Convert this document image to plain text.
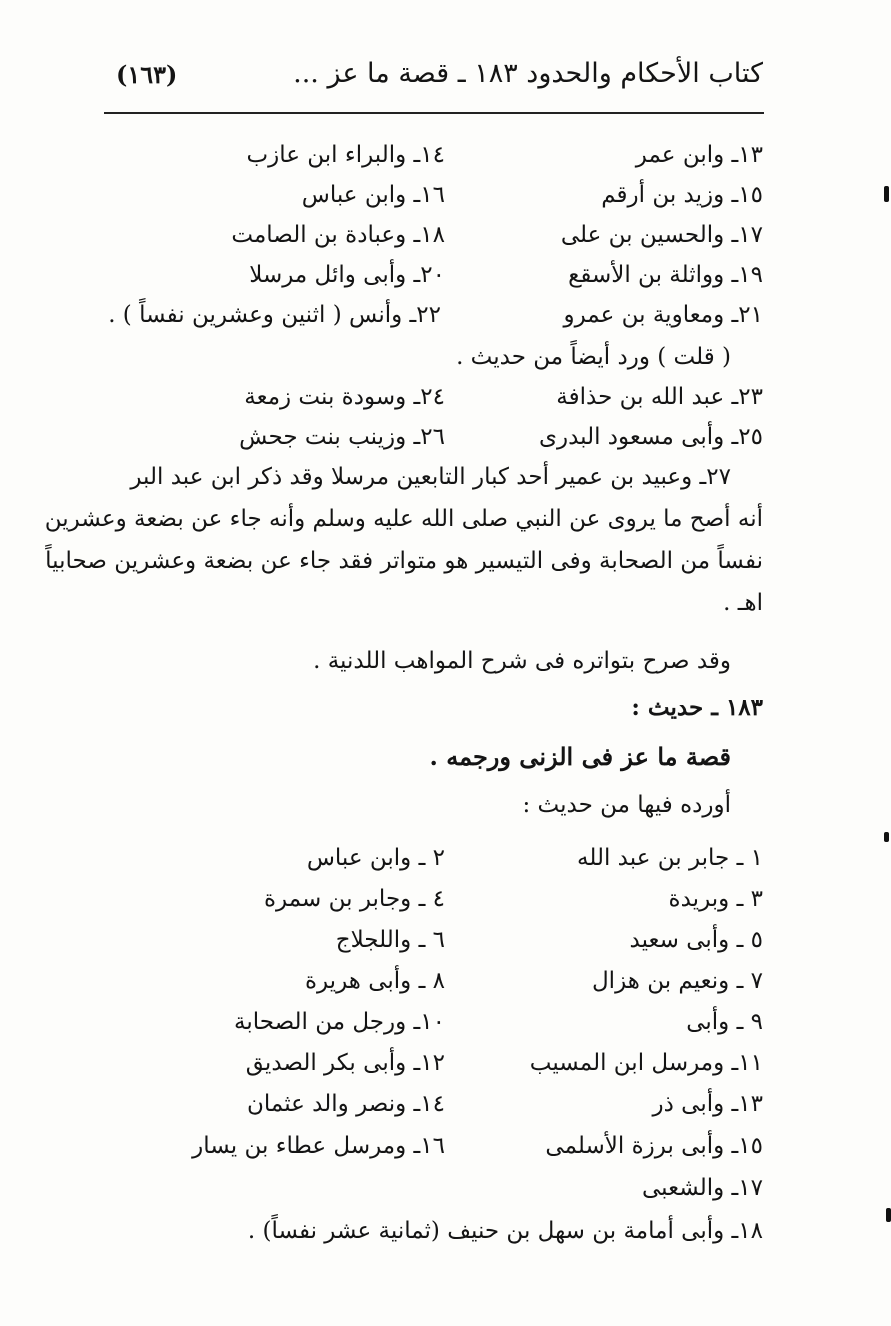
كتاب الأحكام والحدود ١٨٣ ـ قصة ما عز ...
(١٦٣)
١٣ـ وابن عمر
١٤ـ والبراء ابن عازب
١٥ـ وزيد بن أرقم
١٦ـ وابن عباس
١٧ـ والحسين بن على
١٨ـ وعبادة بن الصامت
١٩ـ وواثلة بن الأسقع
٢٠ـ وأبى وائل مرسلا
٢١ـ ومعاوية بن عمرو
٢٢ـ وأنس ( اثنين وعشرين نفساً ) .
( قلت ) ورد أيضاً من حديث .
٢٣ـ عبد الله بن حذافة
٢٤ـ وسودة بنت زمعة
٢٥ـ وأبى مسعود البدرى
٢٦ـ وزينب بنت جحش
٢٧ـ وعبيد بن عمير أحد كبار التابعين مرسلا وقد ذكر ابن عبد البر
أنه أصح ما يروى عن النبي صلى الله عليه وسلم وأنه جاء عن بضعة وعشرين
نفساً من الصحابة وفى التيسير هو متواتر فقد جاء عن بضعة وعشرين صحابياً
اهـ .
وقد صرح بتواتره فى شرح المواهب اللدنية .
١٨٣ ـ حديث :
قصة ما عز فى الزنى ورجمه .
أورده فيها من حديث :
١ ـ جابر بن عبد الله
٢ ـ وابن عباس
٣ ـ وبريدة
٤ ـ وجابر بن سمرة
٥ ـ وأبى سعيد
٦ ـ واللجلاج
٧ ـ ونعيم بن هزال
٨ ـ وأبى هريرة
٩ ـ وأبى
١٠ـ ورجل من الصحابة
١١ـ ومرسل ابن المسيب
١٢ـ وأبى بكر الصديق
١٣ـ وأبى ذر
١٤ـ ونصر والد عثمان
١٥ـ وأبى برزة الأسلمى
١٦ـ ومرسل عطاء بن يسار
١٧ـ والشعبى
١٨ـ وأبى أمامة بن سهل بن حنيف (ثمانية عشر نفساً) .
